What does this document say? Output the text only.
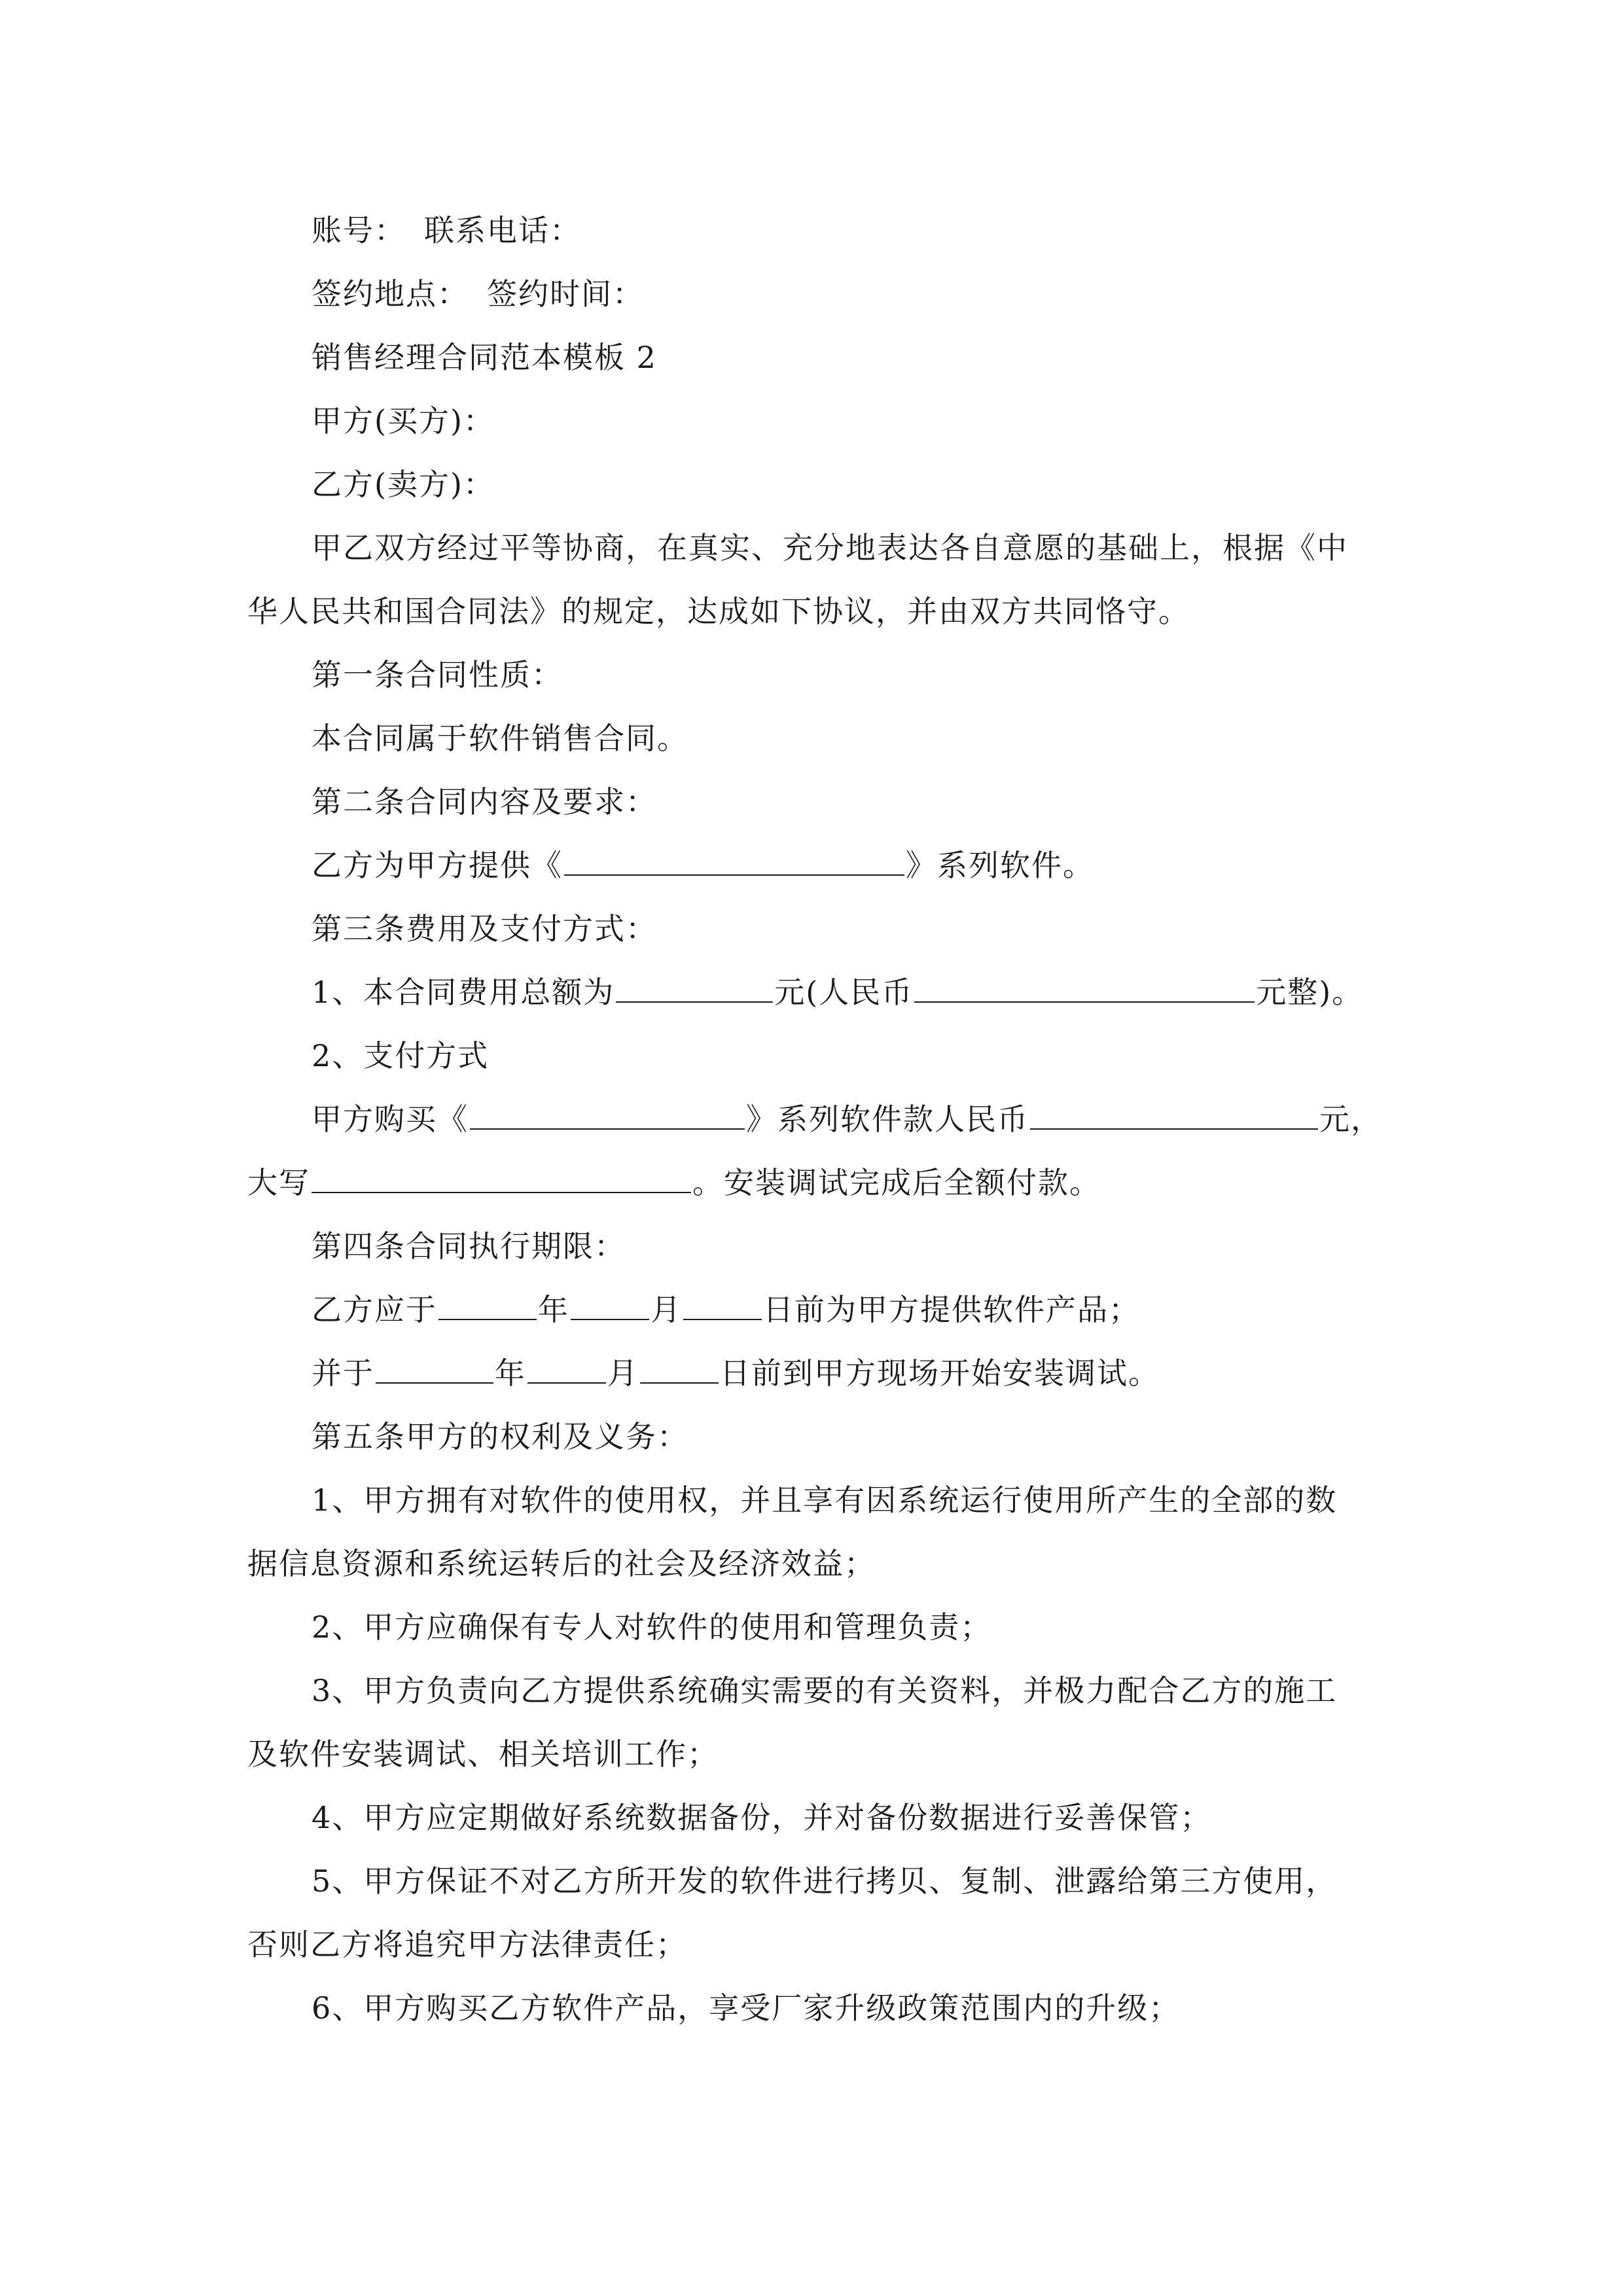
账号： 联系电话：
签约地点： 签约时间：
销售经理合同范本模板 2
甲方(买方)：
乙方(卖方)：
甲乙双方经过平等协商，在真实、充分地表达各自意愿的基础上，根据《中
华人民共和国合同法》的规定，达成如下协议，并由双方共同恪守。
第一条合同性质：
本合同属于软件销售合同。
第二条合同内容及要求：
乙方为甲方提供《	》系列软件。
第三条费用及支付方式：
1、本合同费用总额为	元(人民币	元整)。
2、支付方式
甲方购买《	》系列软件款人民币	元，
大写	。安装调试完成后全额付款。
第四条合同执行期限：
乙方应于	年	月	日前为甲方提供软件产品；
并于	年	月	日前到甲方现场开始安装调试。
第五条甲方的权利及义务：
1、甲方拥有对软件的使用权，并且享有因系统运行使用所产生的全部的数
据信息资源和系统运转后的社会及经济效益；
2、甲方应确保有专人对软件的使用和管理负责；
3、甲方负责向乙方提供系统确实需要的有关资料，并极力配合乙方的施工
及软件安装调试、相关培训工作；
4、甲方应定期做好系统数据备份，并对备份数据进行妥善保管；
5、甲方保证不对乙方所开发的软件进行拷贝、复制、泄露给第三方使用，
否则乙方将追究甲方法律责任；
6、甲方购买乙方软件产品，享受厂家升级政策范围内的升级；
